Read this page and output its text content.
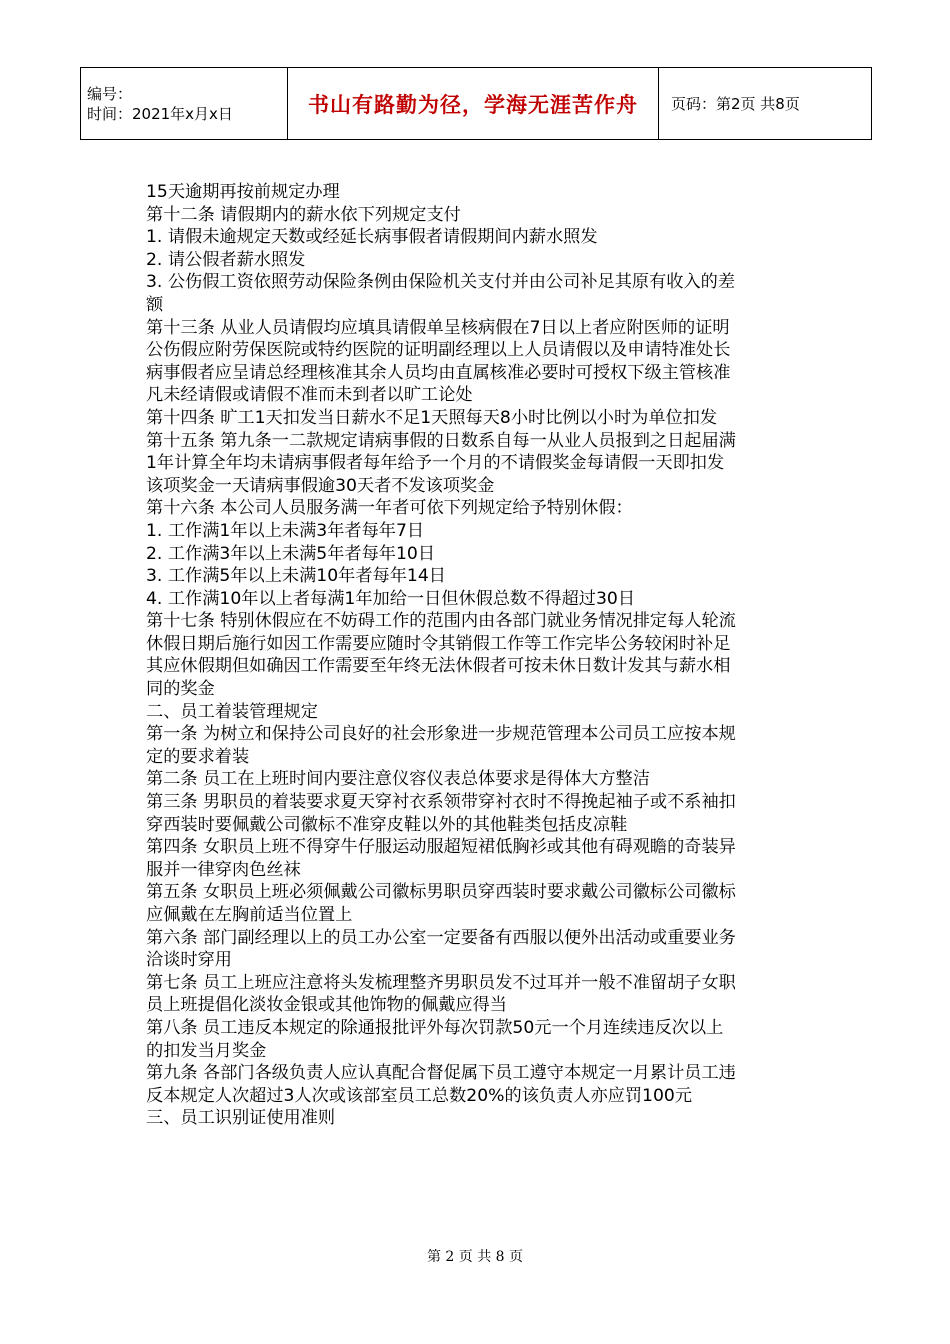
编号：
时间：2021年x月x日	书山有路勤为径，学海无涯苦作舟	页码：第2页 共8页
15天逾期再按前规定办理
第十二条 请假期内的薪水依下列规定支付
1. 请假未逾规定天数或经延长病事假者请假期间内薪水照发
2. 请公假者薪水照发
3. 公伤假工资依照劳动保险条例由保险机关支付并由公司补足其原有收入的差
额
第十三条 从业人员请假均应填具请假单呈核病假在7日以上者应附医师的证明
公伤假应附劳保医院或特约医院的证明副经理以上人员请假以及申请特准处长
病事假者应呈请总经理核准其余人员均由直属核准必要时可授权下级主管核准
凡未经请假或请假不准而未到者以旷工论处
第十四条 旷工1天扣发当日薪水不足1天照每天8小时比例以小时为单位扣发
第十五条 第九条一二款规定请病事假的日数系自每一从业人员报到之日起届满
1年计算全年均未请病事假者每年给予一个月的不请假奖金每请假一天即扣发
该项奖金一天请病事假逾30天者不发该项奖金
第十六条 本公司人员服务满一年者可依下列规定给予特别休假：
1. 工作满1年以上未满3年者每年7日
2. 工作满3年以上未满5年者每年10日
3. 工作满5年以上未满10年者每年14日
4. 工作满10年以上者每满1年加给一日但休假总数不得超过30日
第十七条 特别休假应在不妨碍工作的范围内由各部门就业务情况排定每人轮流
休假日期后施行如因工作需要应随时令其销假工作等工作完毕公务较闲时补足
其应休假期但如确因工作需要至年终无法休假者可按未休日数计发其与薪水相
同的奖金
二、员工着装管理规定
第一条 为树立和保持公司良好的社会形象进一步规范管理本公司员工应按本规
定的要求着装
第二条 员工在上班时间内要注意仪容仪表总体要求是得体大方整洁
第三条 男职员的着装要求夏天穿衬衣系领带穿衬衣时不得挽起袖子或不系袖扣
穿西装时要佩戴公司徽标不准穿皮鞋以外的其他鞋类包括皮凉鞋
第四条 女职员上班不得穿牛仔服运动服超短裙低胸衫或其他有碍观瞻的奇装异
服并一律穿肉色丝袜
第五条 女职员上班必须佩戴公司徽标男职员穿西装时要求戴公司徽标公司徽标
应佩戴在左胸前适当位置上
第六条 部门副经理以上的员工办公室一定要备有西服以便外出活动或重要业务
洽谈时穿用
第七条 员工上班应注意将头发梳理整齐男职员发不过耳并一般不准留胡子女职
员上班提倡化淡妆金银或其他饰物的佩戴应得当
第八条 员工违反本规定的除通报批评外每次罚款50元一个月连续违反次以上
的扣发当月奖金
第九条 各部门各级负责人应认真配合督促属下员工遵守本规定一月累计员工违
反本规定人次超过3人次或该部室员工总数20%的该负责人亦应罚100元
三、员工识别证使用准则
第 2 页 共 8 页
